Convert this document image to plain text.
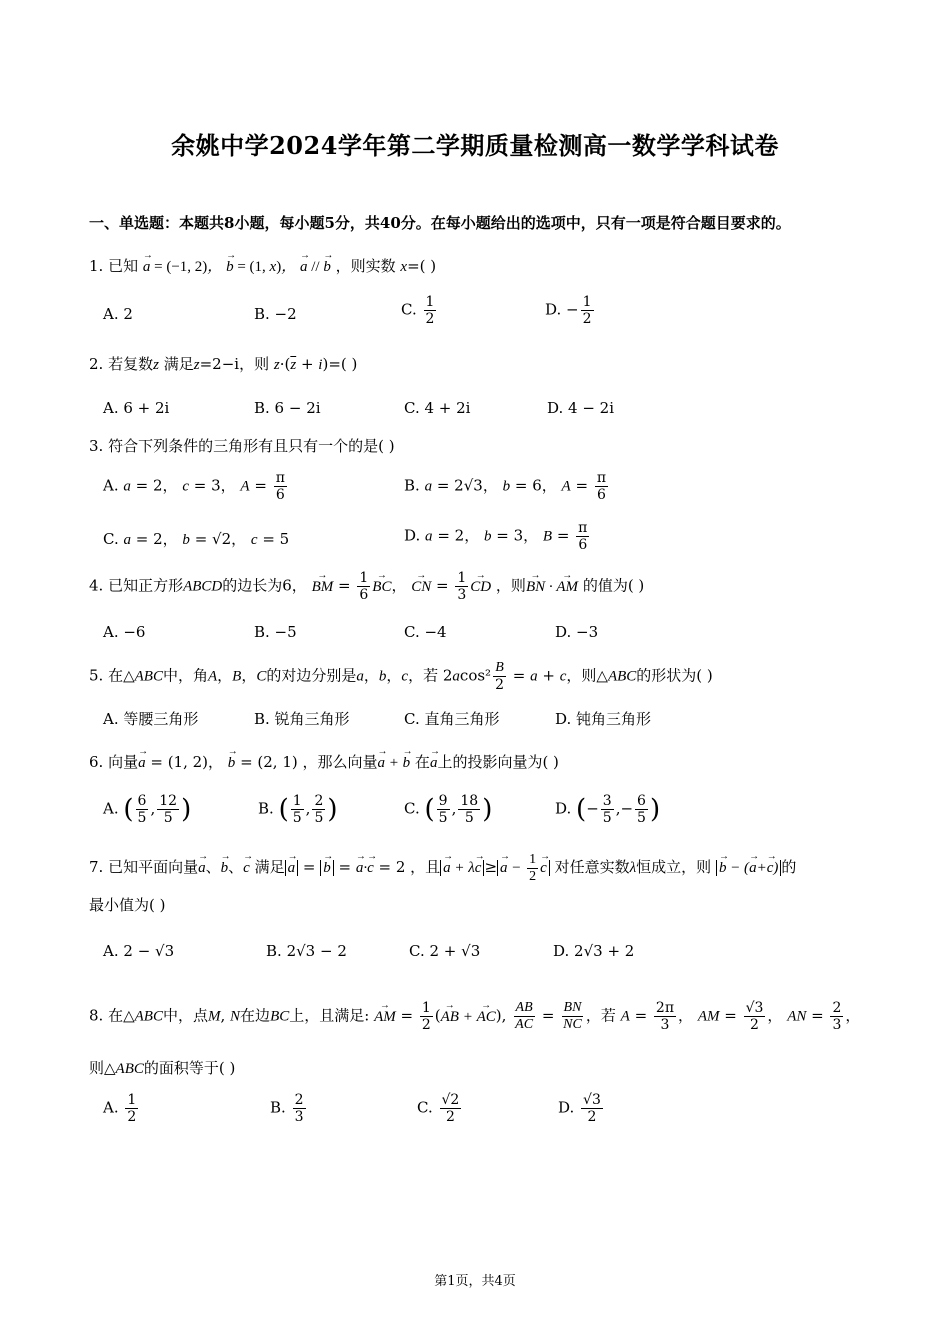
余姚中学2024学年第二学期质量检测高一数学学科试卷
一、单选题：本题共8小题，每小题5分，共40分。在每小题给出的选项中，只有一项是符合题目要求的。
1. 已知 → a = (−1, 2)， → b = (1, x)， → a // → b ，则实数 x=( )
A. 2	B. −2	C. $\frac{1}{2}$	D. − $\frac{1}{2}$
2. 若复数z 满足z=2−i，则 $z\cdot(\overline{z} + i)=$( )
A. 6 + 2i	B. 6 − 2i	C. 4 + 2i	D. 4 − 2i
3. 符合下列条件的三角形有且只有一个的是( )
A. a = 2， c = 3， $A = \frac{\pi}{6}$	B. a = 2√3， b = 6， $A = \frac{\pi}{6}$
C. a = 2， b = √2， c = 5	D. a = 2， b = 3， $B = \frac{\pi}{6}$
4. 已知正方形ABCD的边长为6， → BM = $\frac{1}{6}$ → BC， → CN = $\frac{1}{3}$ → CD ，则→ BN · → AM 的值为( )
A. −6	B. −5	C. −4	D. −3
5. 在△ABC中，角A，B，C的对边分别是a，b，c，若 $2acos^2 \frac{B}{2} = a + c$，则△ABC的形状为( )
A. 等腰三角形	B. 锐角三角形	C. 直角三角形	D. 钝角三角形
6. 向量→ a = (1, 2)， → b = (2, 1) ，那么向量→ a + → b 在→ a上的投影向量为( )
A. ( $\frac{6}{5}$ , $\frac{12}{5}$ )	B. ( $\frac{1}{5}$ , $\frac{2}{5}$ )	C. ( $\frac{9}{5}$ , $\frac{18}{5}$ )	D. (− $\frac{3}{5}$ ,− $\frac{6}{5}$ )
7. 已知平面向量→ a、→ b、→ c 满足 → a = → b = → a·→ c = 2 ，且 → a + λ→ c ≥ → $a - \frac{1}{2} \to c$ 对任意实数λ恒成立，则 → b − (→ a+→ c) 的
最小值为( )
A. 2 − √3	B. 2√3 − 2	C. 2 + √3	D. 2√3 + 2
8. 在△ABC中，点M, N在边BC上，且满足: → AM = $\frac{1}{2}$ (→ AB + → AC), $\frac{AB}{AC} = \frac{BN}{NC}$ ，若 $A = \frac{2\pi}{3}$ ， AM = $\frac{√3}{2}$ ， AN = $\frac{2}{3}$ ，
则△ABC的面积等于( )
A. $\frac{1}{2}$	B. $\frac{2}{3}$	C. $\frac{√2}{2}$	D. $\frac{√3}{2}$
第1页，共4页
